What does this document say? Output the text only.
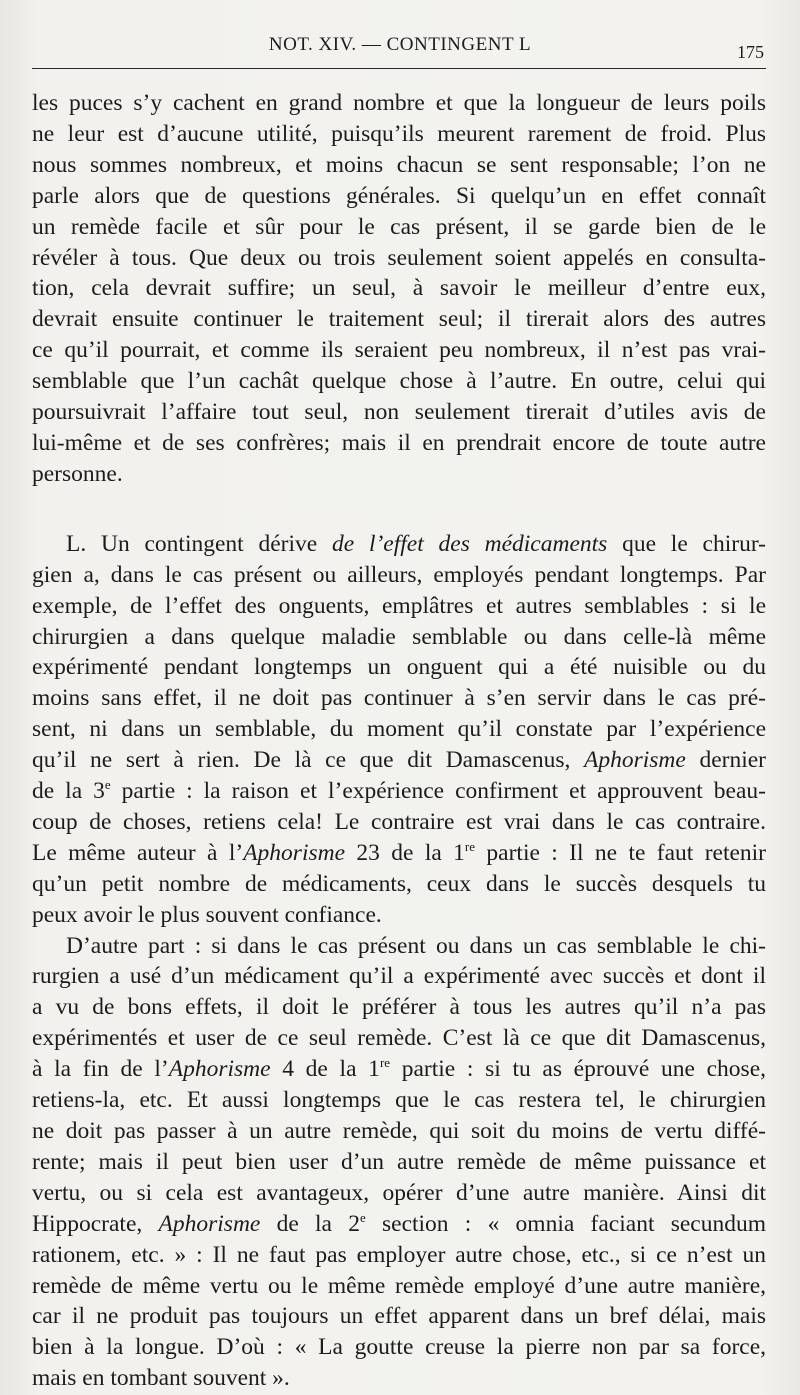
NOT. XIV. — CONTINGENT L	175

les puces s’y cachent en grand nombre et que la longueur de leurs poils
ne leur est d’aucune utilité, puisqu’ils meurent rarement de froid. Plus
nous sommes nombreux, et moins chacun se sent responsable; l’on ne
parle alors que de questions générales. Si quelqu’un en effet connaît
un remède facile et sûr pour le cas présent, il se garde bien de le
révéler à tous. Que deux ou trois seulement soient appelés en consulta-
tion, cela devrait suffire; un seul, à savoir le meilleur d’entre eux,
devrait ensuite continuer le traitement seul; il tirerait alors des autres
ce qu’il pourrait, et comme ils seraient peu nombreux, il n’est pas vrai-
semblable que l’un cachât quelque chose à l’autre. En outre, celui qui
poursuivrait l’affaire tout seul, non seulement tirerait d’utiles avis de
lui-même et de ses confrères; mais il en prendrait encore de toute autre
personne.

L. Un contingent dérive de l’effet des médicaments que le chirur-
gien a, dans le cas présent ou ailleurs, employés pendant longtemps. Par
exemple, de l’effet des onguents, emplâtres et autres semblables : si le
chirurgien a dans quelque maladie semblable ou dans celle-là même
expérimenté pendant longtemps un onguent qui a été nuisible ou du
moins sans effet, il ne doit pas continuer à s’en servir dans le cas pré-
sent, ni dans un semblable, du moment qu’il constate par l’expérience
qu’il ne sert à rien. De là ce que dit Damascenus, Aphorisme dernier
de la 3e partie : la raison et l’expérience confirment et approuvent beau-
coup de choses, retiens cela! Le contraire est vrai dans le cas contraire.
Le même auteur à l’Aphorisme 23 de la 1re partie : Il ne te faut retenir
qu’un petit nombre de médicaments, ceux dans le succès desquels tu
peux avoir le plus souvent confiance.

D’autre part : si dans le cas présent ou dans un cas semblable le chi-
rurgien a usé d’un médicament qu’il a expérimenté avec succès et dont il
a vu de bons effets, il doit le préférer à tous les autres qu’il n’a pas
expérimentés et user de ce seul remède. C’est là ce que dit Damascenus,
à la fin de l’Aphorisme 4 de la 1re partie : si tu as éprouvé une chose,
retiens-la, etc. Et aussi longtemps que le cas restera tel, le chirurgien
ne doit pas passer à un autre remède, qui soit du moins de vertu diffé-
rente; mais il peut bien user d’un autre remède de même puissance et
vertu, ou si cela est avantageux, opérer d’une autre manière. Ainsi dit
Hippocrate, Aphorisme de la 2e section : « omnia faciant secundum
rationem, etc. » : Il ne faut pas employer autre chose, etc., si ce n’est un
remède de même vertu ou le même remède employé d’une autre manière,
car il ne produit pas toujours un effet apparent dans un bref délai, mais
bien à la longue. D’où : « La goutte creuse la pierre non par sa force,
mais en tombant souvent ».
